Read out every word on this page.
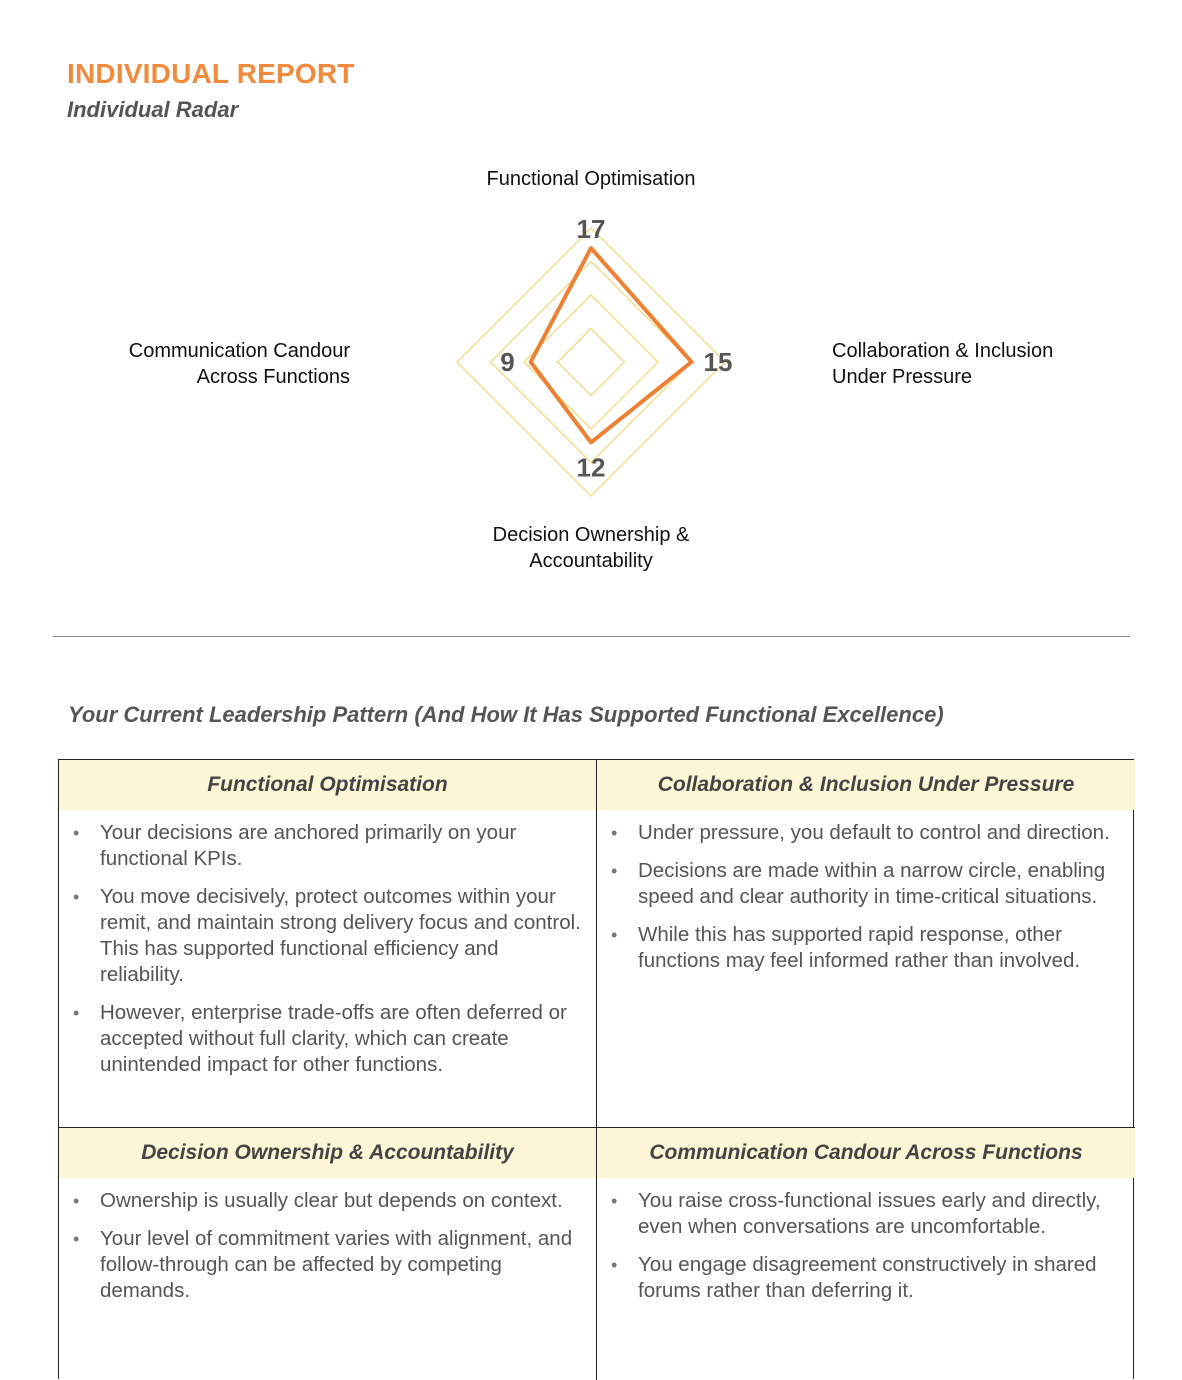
INDIVIDUAL REPORT
Individual Radar
Functional Optimisation
Collaboration & Inclusion
Under Pressure
Decision Ownership &
Accountability
Communication Candour
Across Functions
17
15
12
9
Your Current Leadership Pattern (And How It Has Supported Functional Excellence)
Functional Optimisation
• Your decisions are anchored primarily on your functional KPIs.
• You move decisively, protect outcomes within your remit, and maintain strong delivery focus and control. This has supported functional efficiency and reliability.
• However, enterprise trade-offs are often deferred or accepted without full clarity, which can create unintended impact for other functions.
Collaboration & Inclusion Under Pressure
• Under pressure, you default to control and direction.
• Decisions are made within a narrow circle, enabling speed and clear authority in time-critical situations.
• While this has supported rapid response, other functions may feel informed rather than involved.
Decision Ownership & Accountability
• Ownership is usually clear but depends on context.
• Your level of commitment varies with alignment, and follow-through can be affected by competing demands.
Communication Candour Across Functions
• You raise cross-functional issues early and directly, even when conversations are uncomfortable.
• You engage disagreement constructively in shared forums rather than deferring it.
